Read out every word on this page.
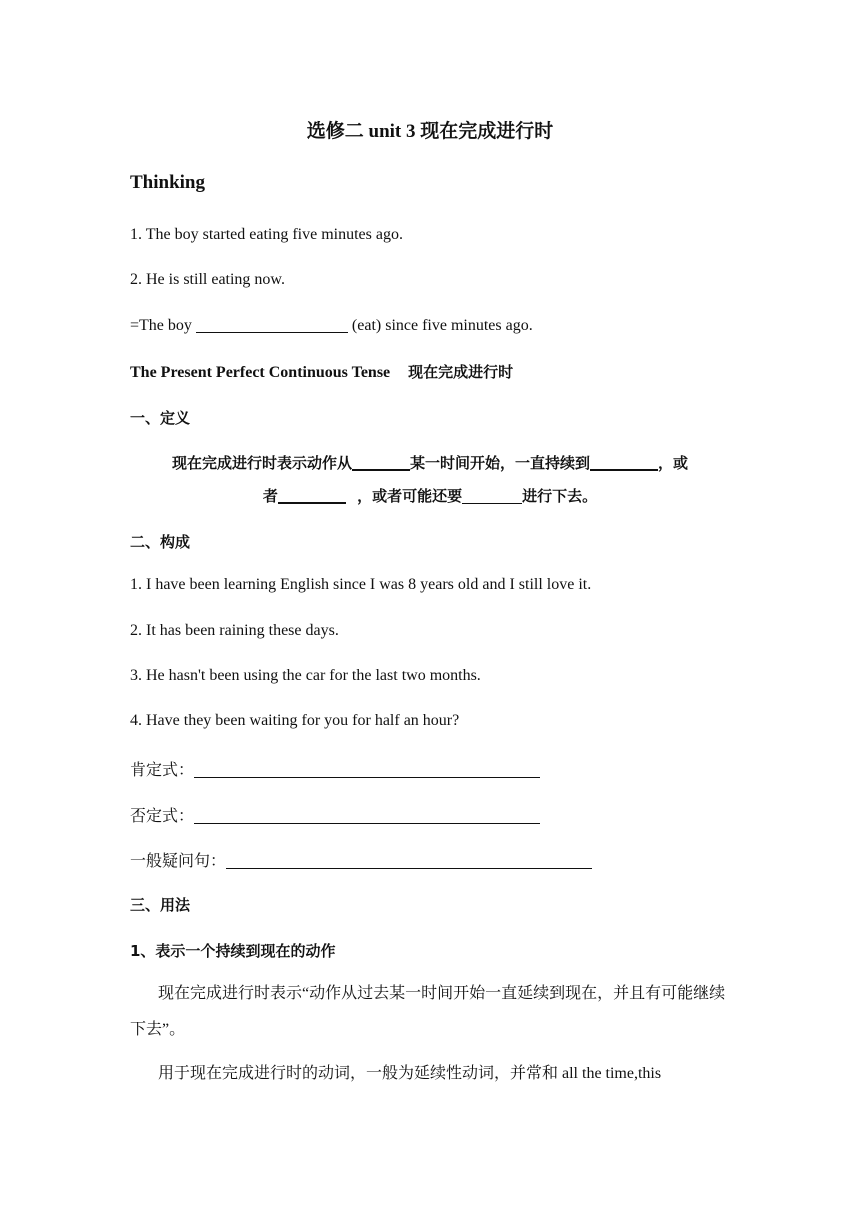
选修二 unit 3 现在完成进行时
Thinking
1. The boy started eating five minutes ago.
2. He is still eating now.
=The boy	(eat) since five minutes ago.
The Present Perfect Continuous Tense 现在完成进行时
一、定义
现在完成进行时表示动作从	某一时间开始，一直持续到	，或
者	，或者可能还要	进行下去。
二、构成
1. I have been learning English since I was 8 years old and I still love it.
2. It has been raining these days.
3. He hasn't been using the car for the last two months.
4. Have they been waiting for you for half an hour?
肯定式：
否定式：
一般疑问句：
三、用法
1、表示一个持续到现在的动作
现在完成进行时表示“动作从过去某一时间开始一直延续到现在，并且有可能继续下去”。
用于现在完成进行时的动词，一般为延续性动词，并常和 all the time,this
